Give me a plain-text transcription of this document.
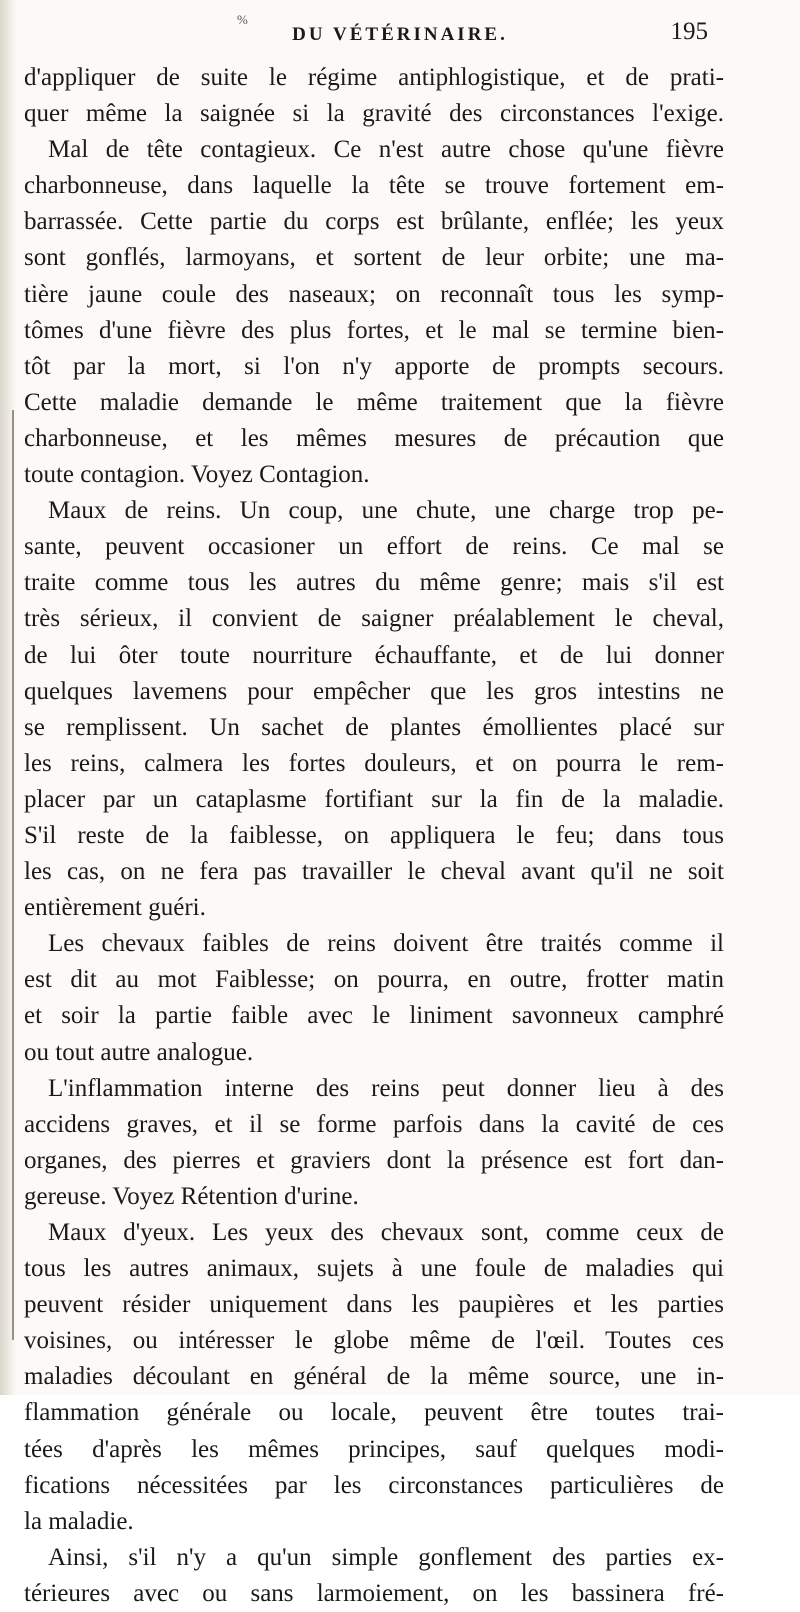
%
DU VÉTÉRINAIRE.	195
d'appliquer de suite le régime antiphlogistique, et de prati-
quer même la saignée si la gravité des circonstances l'exige.
Mal de tête contagieux. Ce n'est autre chose qu'une fièvre
charbonneuse, dans laquelle la tête se trouve fortement em-
barrassée. Cette partie du corps est brûlante, enflée; les yeux
sont gonflés, larmoyans, et sortent de leur orbite; une ma-
tière jaune coule des naseaux; on reconnaît tous les symp-
tômes d'une fièvre des plus fortes, et le mal se termine bien-
tôt par la mort, si l'on n'y apporte de prompts secours.
Cette maladie demande le même traitement que la fièvre
charbonneuse, et les mêmes mesures de précaution que
toute contagion. Voyez Contagion.
Maux de reins. Un coup, une chute, une charge trop pe-
sante, peuvent occasioner un effort de reins. Ce mal se
traite comme tous les autres du même genre; mais s'il est
très sérieux, il convient de saigner préalablement le cheval,
de lui ôter toute nourriture échauffante, et de lui donner
quelques lavemens pour empêcher que les gros intestins ne
se remplissent. Un sachet de plantes émollientes placé sur
les reins, calmera les fortes douleurs, et on pourra le rem-
placer par un cataplasme fortifiant sur la fin de la maladie.
S'il reste de la faiblesse, on appliquera le feu; dans tous
les cas, on ne fera pas travailler le cheval avant qu'il ne soit
entièrement guéri.
Les chevaux faibles de reins doivent être traités comme il
est dit au mot Faiblesse; on pourra, en outre, frotter matin
et soir la partie faible avec le liniment savonneux camphré
ou tout autre analogue.
L'inflammation interne des reins peut donner lieu à des
accidens graves, et il se forme parfois dans la cavité de ces
organes, des pierres et graviers dont la présence est fort dan-
gereuse. Voyez Rétention d'urine.
Maux d'yeux. Les yeux des chevaux sont, comme ceux de
tous les autres animaux, sujets à une foule de maladies qui
peuvent résider uniquement dans les paupières et les parties
voisines, ou intéresser le globe même de l'œil. Toutes ces
maladies découlant en général de la même source, une in-
flammation générale ou locale, peuvent être toutes trai-
tées d'après les mêmes principes, sauf quelques modi-
fications nécessitées par les circonstances particulières de
la maladie.
Ainsi, s'il n'y a qu'un simple gonflement des parties ex-
térieures avec ou sans larmoiement, on les bassinera fré-
